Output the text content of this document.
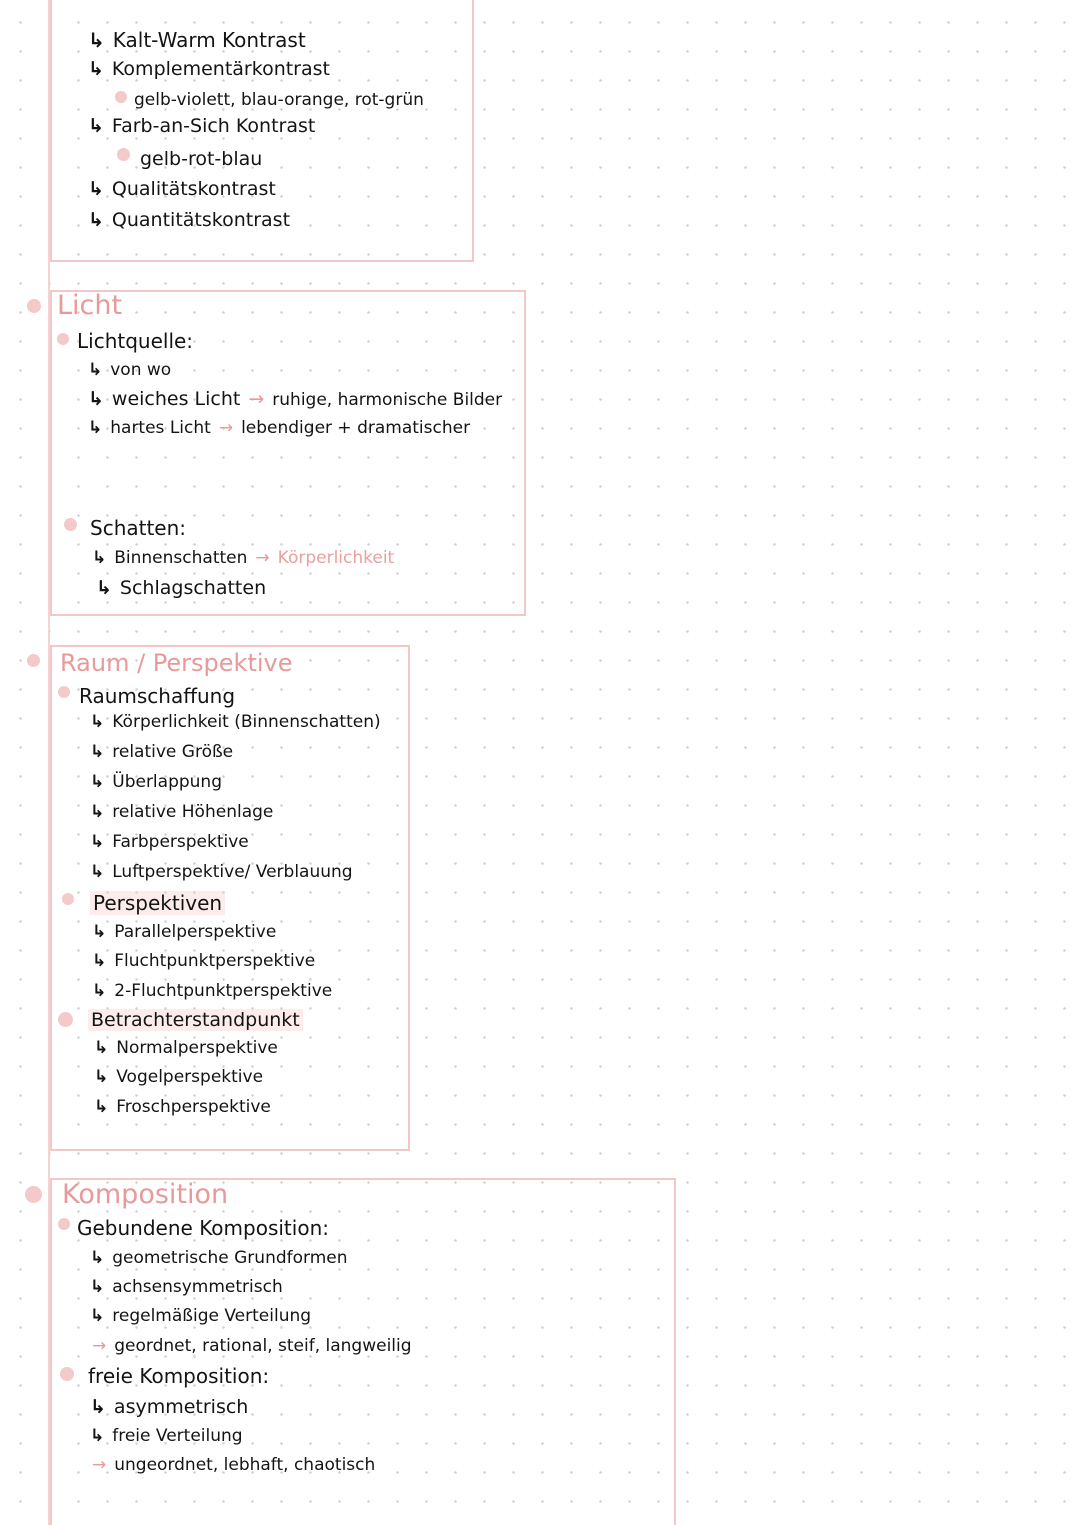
↳ Kalt-Warm Kontrast
↳ Komplementärkontrast
gelb-violett, blau-orange, rot-grün
↳ Farb-an-Sich Kontrast
gelb-rot-blau
↳ Qualitätskontrast
↳ Quantitätskontrast
Licht
Lichtquelle:
↳ von wo
↳ weiches Licht → ruhige, harmonische Bilder
↳ hartes Licht → lebendiger + dramatischer
Schatten:
↳ Binnenschatten → Körperlichkeit
↳ Schlagschatten
Raum / Perspektive
Raumschaffung
↳ Körperlichkeit (Binnenschatten)
↳ relative Größe
↳ Überlappung
↳ relative Höhenlage
↳ Farbperspektive
↳ Luftperspektive/ Verblauung
Perspektiven
↳ Parallelperspektive
↳ Fluchtpunktperspektive
↳ 2-Fluchtpunktperspektive
Betrachterstandpunkt
↳ Normalperspektive
↳ Vogelperspektive
↳ Froschperspektive
Komposition
Gebundene Komposition:
↳ geometrische Grundformen
↳ achsensymmetrisch
↳ regelmäßige Verteilung
→ geordnet, rational, steif, langweilig
freie Komposition:
↳ asymmetrisch
↳ freie Verteilung
→ ungeordnet, lebhaft, chaotisch
